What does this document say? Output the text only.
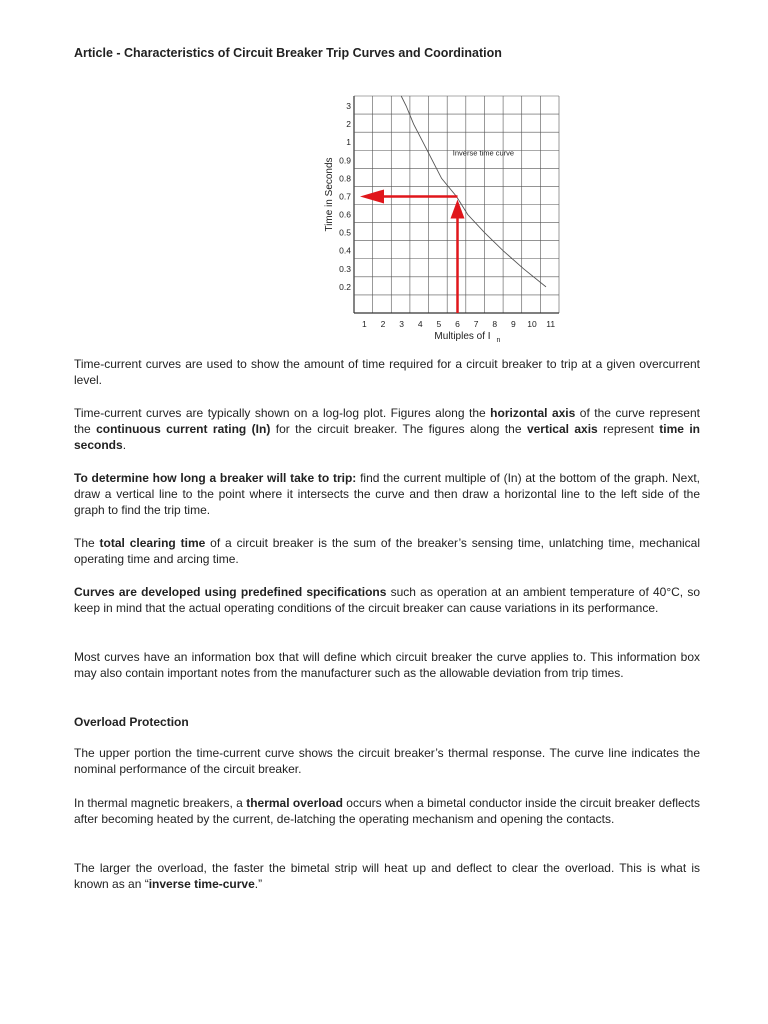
Article - Characteristics of Circuit Breaker Trip Curves and Coordination
3
2
1
0.9
0.8
0.7
0.6
0.5
0.4
0.3
0.2
1 2 3 4 5 6 7 8 9 10 11
Time in Seconds
Multiples of I n
Inverse time curve

Time-current curves are used to show the amount of time required for a circuit breaker to trip at a given overcurrent level.

Time-current curves are typically shown on a log-log plot. Figures along the horizontal axis of the curve represent the continuous current rating (In) for the circuit breaker. The figures along the vertical axis represent time in seconds.

To determine how long a breaker will take to trip: find the current multiple of (In) at the bottom of the graph. Next, draw a vertical line to the point where it intersects the curve and then draw a horizontal line to the left side of the graph to find the trip time.

The total clearing time of a circuit breaker is the sum of the breaker’s sensing time, unlatching time, mechanical operating time and arcing time.

Curves are developed using predefined specifications such as operation at an ambient temperature of 40°C, so keep in mind that the actual operating conditions of the circuit breaker can cause variations in its performance.

Most curves have an information box that will define which circuit breaker the curve applies to. This information box may also contain important notes from the manufacturer such as the allowable deviation from trip times.

Overload Protection

The upper portion the time-current curve shows the circuit breaker’s thermal response. The curve line indicates the nominal performance of the circuit breaker.

In thermal magnetic breakers, a thermal overload occurs when a bimetal conductor inside the circuit breaker deflects after becoming heated by the current, de-latching the operating mechanism and opening the contacts.

The larger the overload, the faster the bimetal strip will heat up and deflect to clear the overload. This is what is known as an “inverse time-curve.”
